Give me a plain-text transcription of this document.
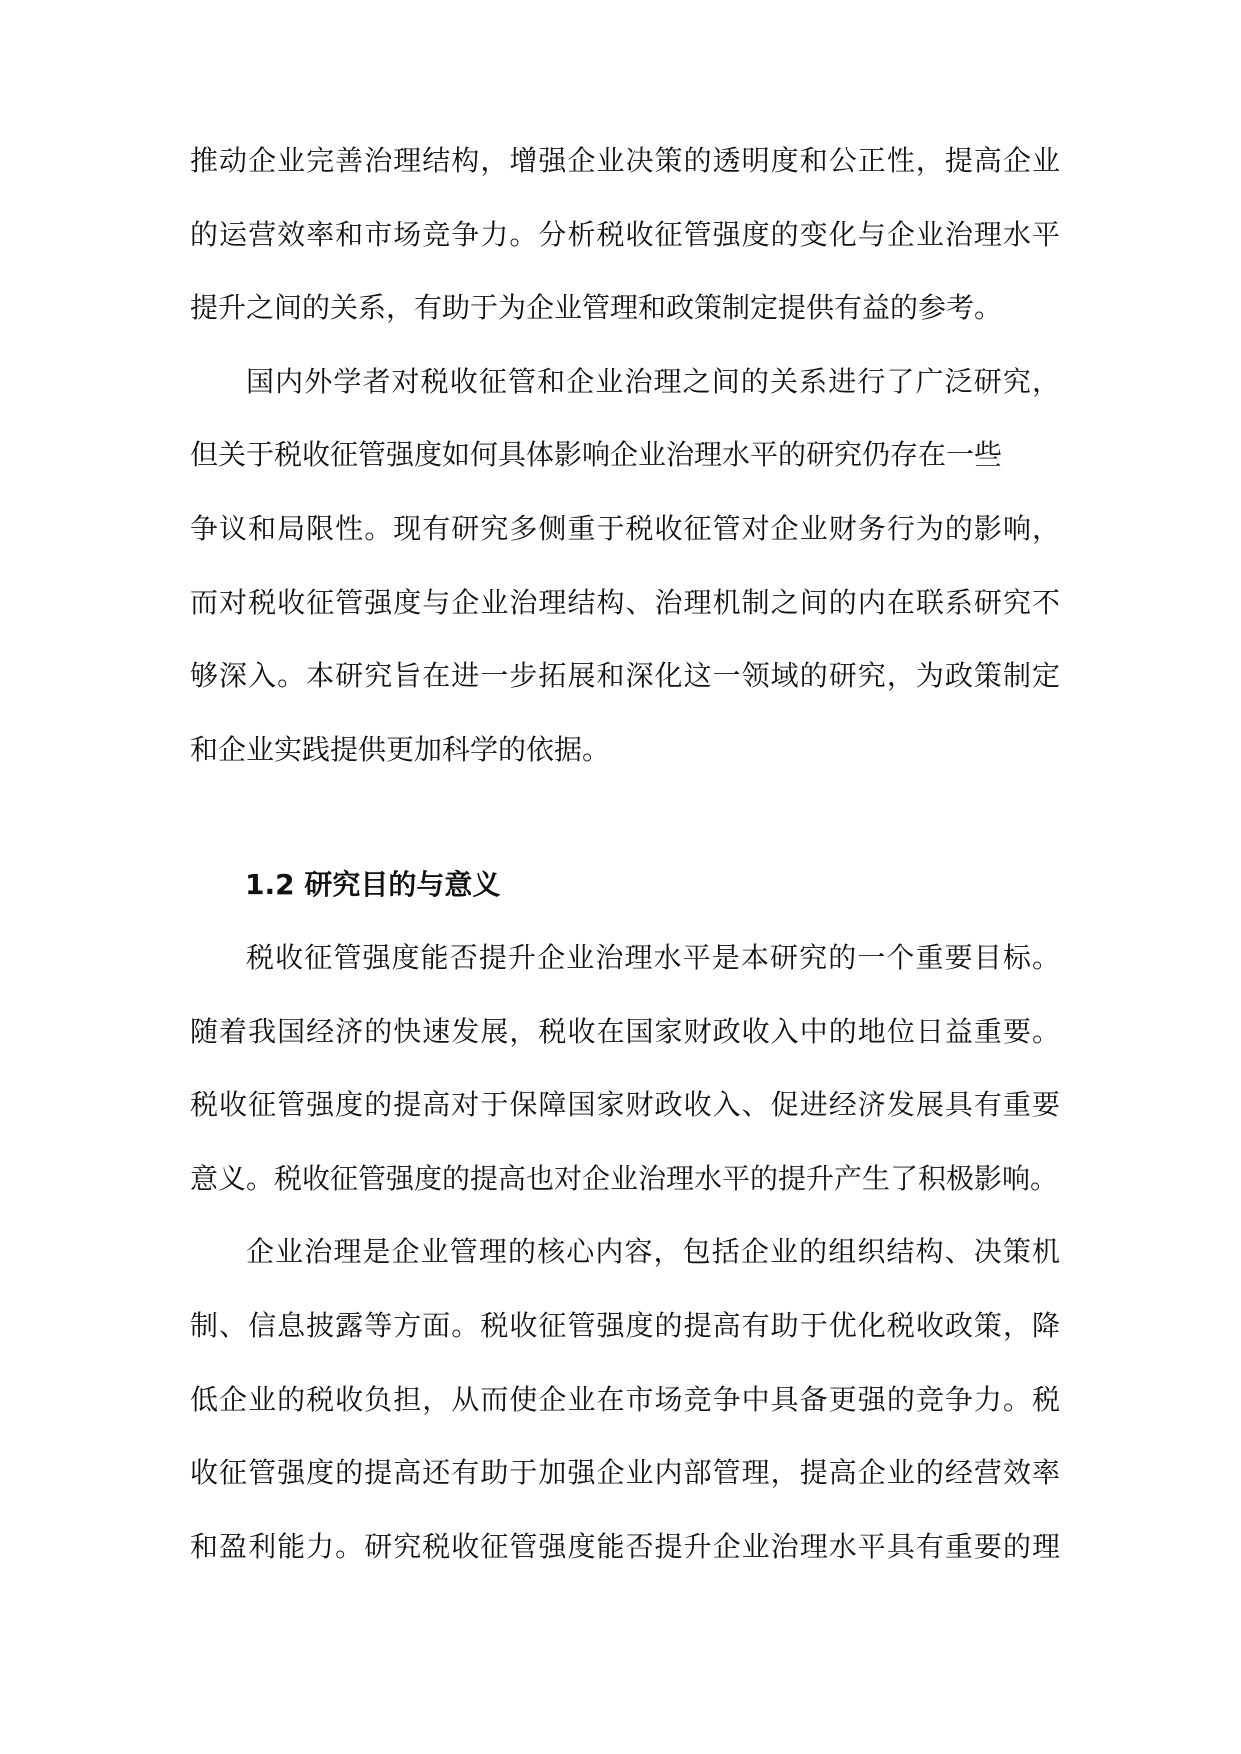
推动企业完善治理结构，增强企业决策的透明度和公正性，提高企业
的运营效率和市场竞争力。分析税收征管强度的变化与企业治理水平
提升之间的关系，有助于为企业管理和政策制定提供有益的参考。
国内外学者对税收征管和企业治理之间的关系进行了广泛研究，
但关于税收征管强度如何具体影响企业治理水平的研究仍存在一些
争议和局限性。现有研究多侧重于税收征管对企业财务行为的影响，
而对税收征管强度与企业治理结构、治理机制之间的内在联系研究不
够深入。本研究旨在进一步拓展和深化这一领域的研究，为政策制定
和企业实践提供更加科学的依据。
1.2 研究目的与意义
税收征管强度能否提升企业治理水平是本研究的一个重要目标。
随着我国经济的快速发展，税收在国家财政收入中的地位日益重要。
税收征管强度的提高对于保障国家财政收入、促进经济发展具有重要
意义。税收征管强度的提高也对企业治理水平的提升产生了积极影响。
企业治理是企业管理的核心内容，包括企业的组织结构、决策机
制、信息披露等方面。税收征管强度的提高有助于优化税收政策，降
低企业的税收负担，从而使企业在市场竞争中具备更强的竞争力。税
收征管强度的提高还有助于加强企业内部管理，提高企业的经营效率
和盈利能力。研究税收征管强度能否提升企业治理水平具有重要的理
